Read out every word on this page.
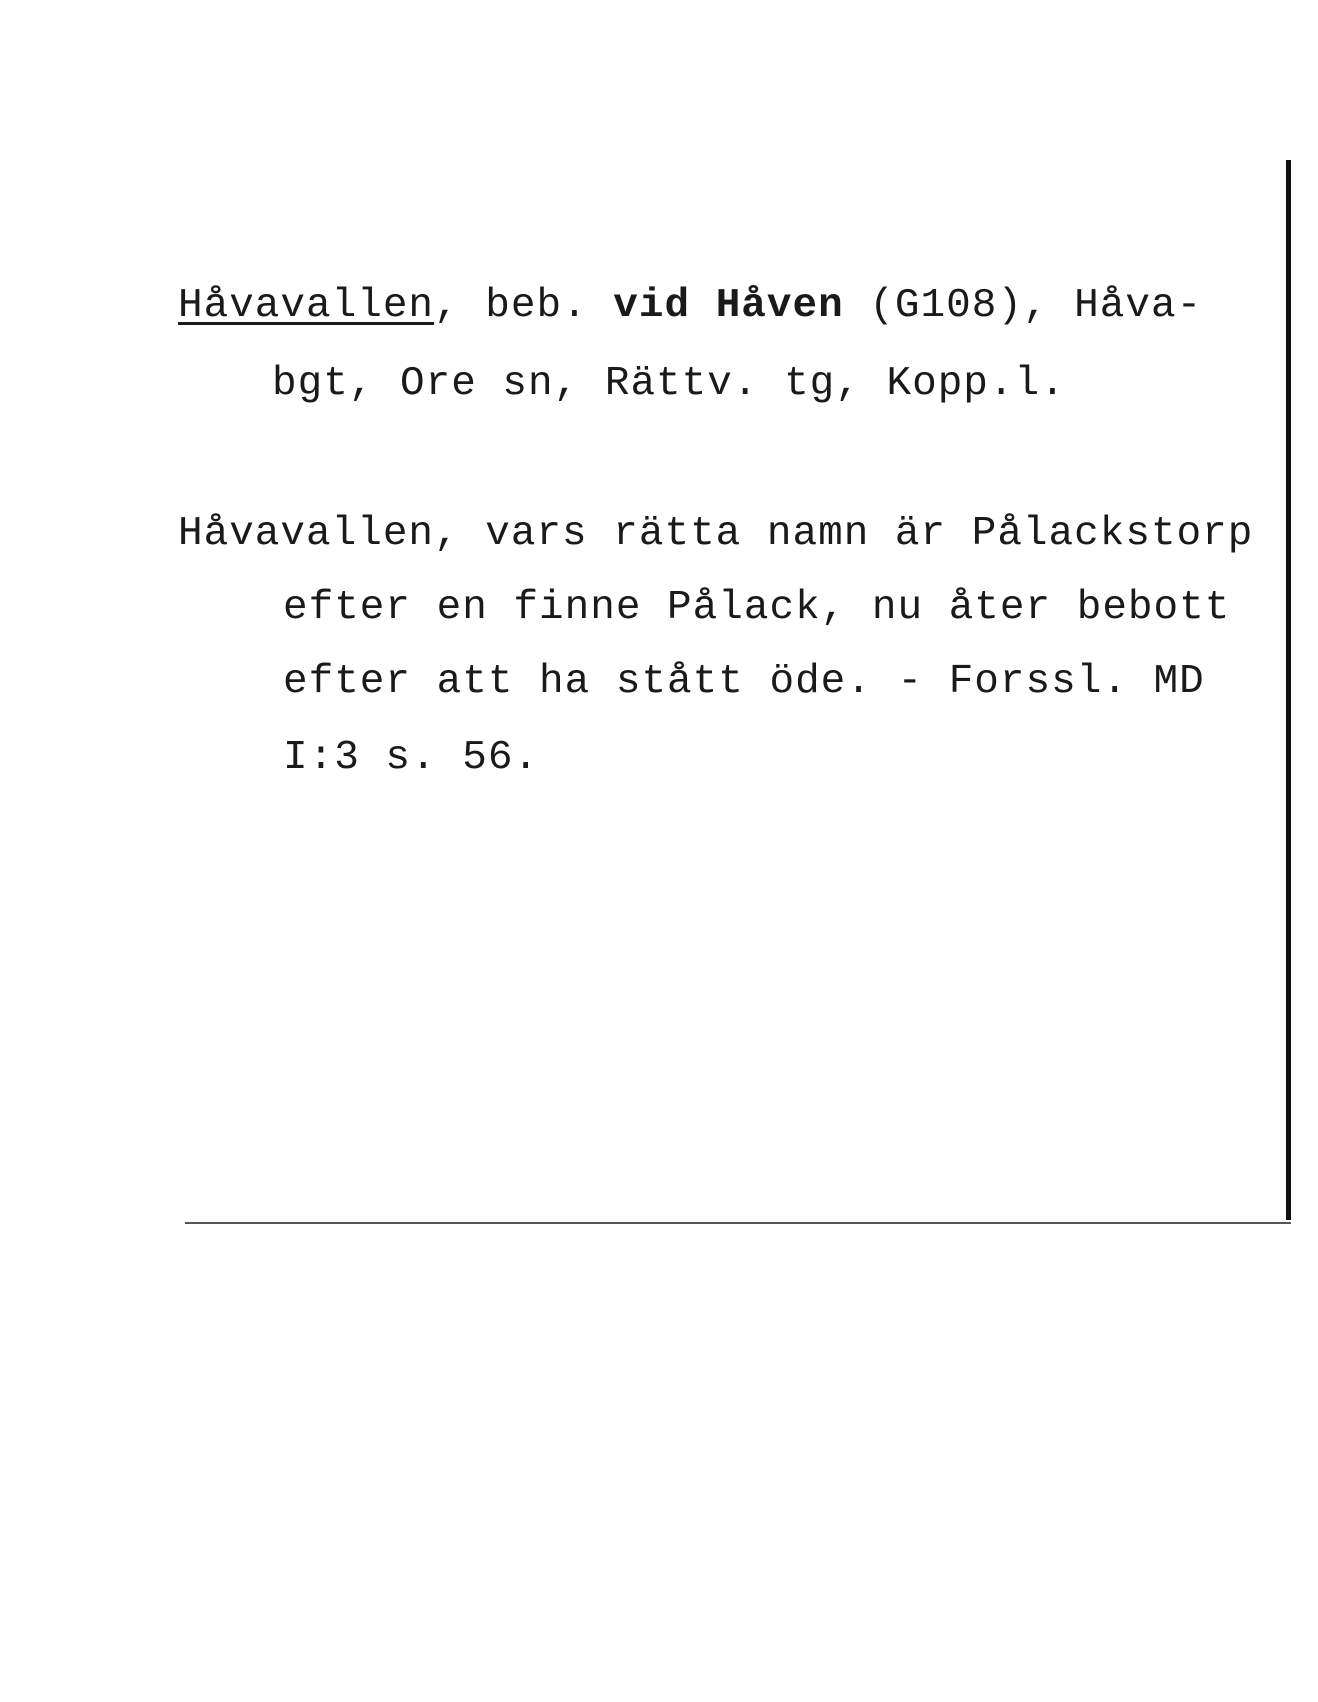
Håvavallen, beb. vid Håven (G108), Håva-
bgt, Ore sn, Rättv. tg, Kopp.l.
Håvavallen, vars rätta namn är Pålackstorp
efter en finne Pålack, nu åter bebott
efter att ha stått öde. - Forssl. MD
I:3 s. 56.
